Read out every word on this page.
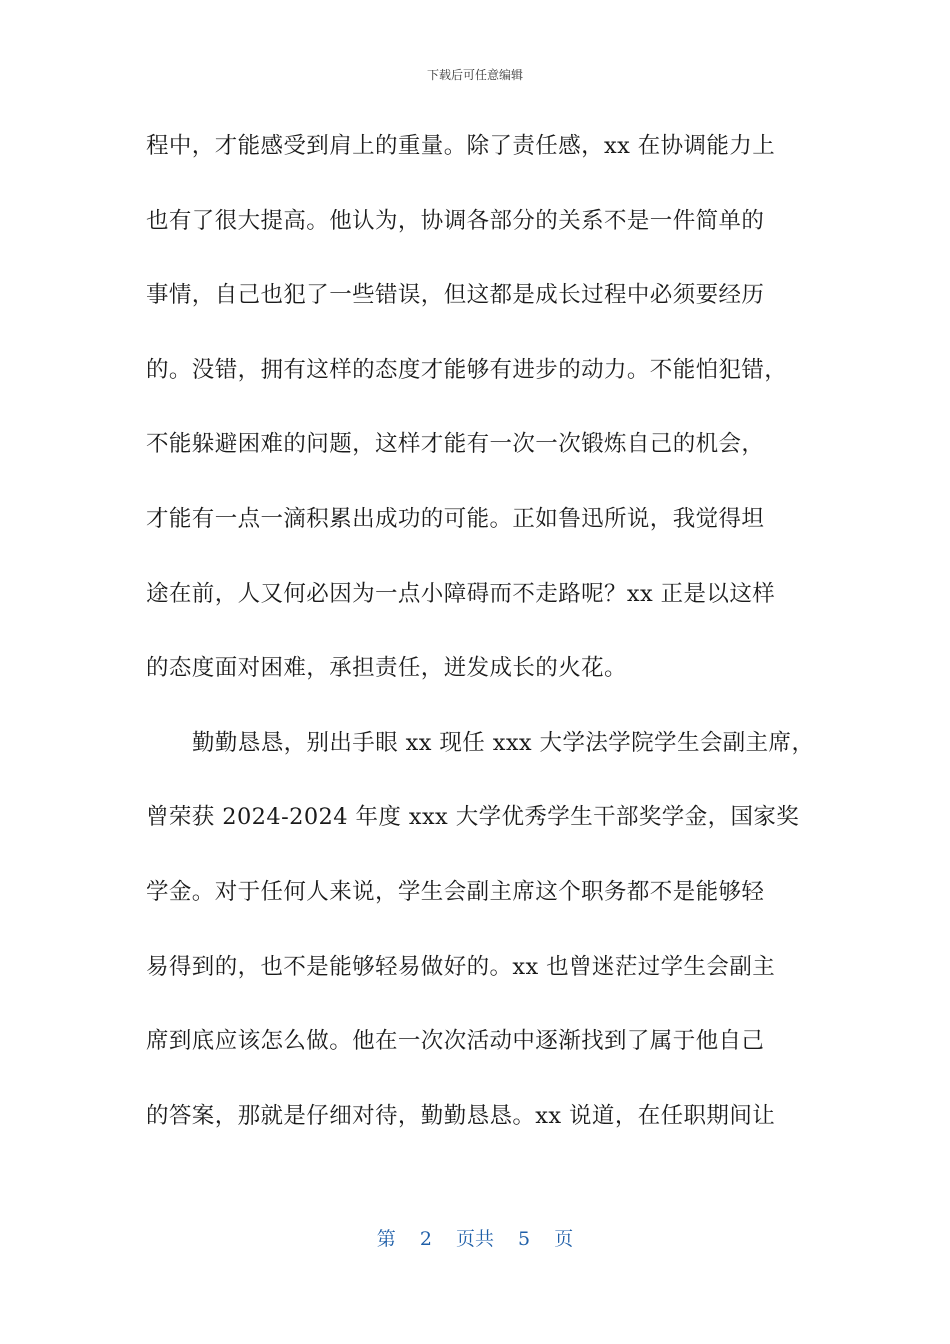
下载后可任意编辑
程中，才能感受到肩上的重量。除了责任感，xx 在协调能力上
也有了很大提高。他认为，协调各部分的关系不是一件简单的
事情，自己也犯了一些错误，但这都是成长过程中必须要经历
的。没错，拥有这样的态度才能够有进步的动力。不能怕犯错，
不能躲避困难的问题，这样才能有一次一次锻炼自己的机会，
才能有一点一滴积累出成功的可能。正如鲁迅所说，我觉得坦
途在前，人又何必因为一点小障碍而不走路呢？xx 正是以这样
的态度面对困难，承担责任，迸发成长的火花。
勤勤恳恳，别出手眼 xx 现任 xxx 大学法学院学生会副主席，
曾荣获 2024-2024 年度 xxx 大学优秀学生干部奖学金，国家奖
学金。对于任何人来说，学生会副主席这个职务都不是能够轻
易得到的，也不是能够轻易做好的。xx 也曾迷茫过学生会副主
席到底应该怎么做。他在一次次活动中逐渐找到了属于他自己
的答案，那就是仔细对待，勤勤恳恳。xx 说道，在任职期间让
第 2 页共 5 页
